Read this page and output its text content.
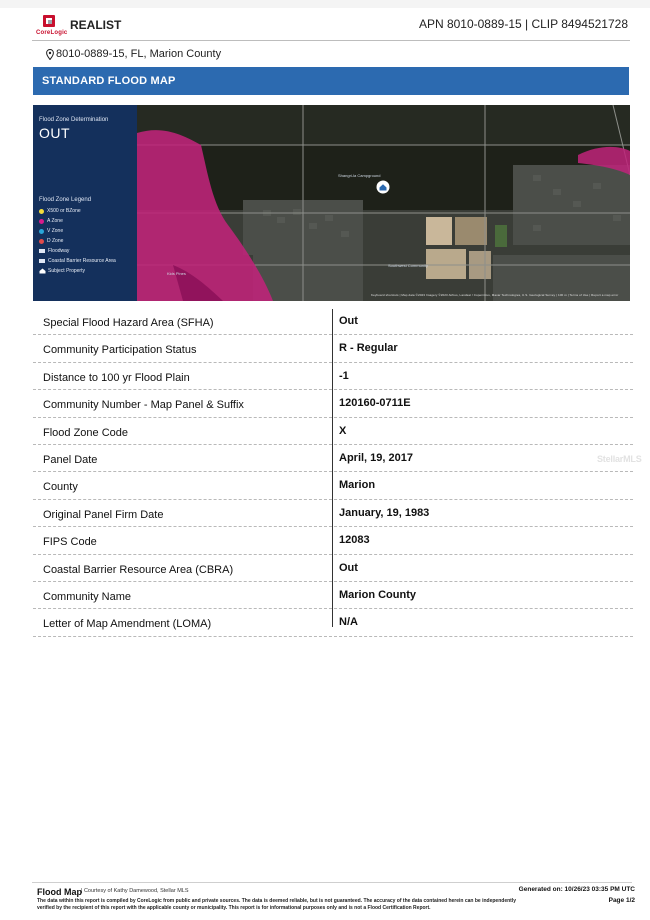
CoreLogic
REALIST	APN 8010-0889-15 | CLIP 8494521728
8010-0889-15, FL, Marion County
STANDARD FLOOD MAP
Shangri-la Campground
Southwest Community
Kids Pines
Flood Zone Determination
OUT
Flood Zone Legend
X500 or BZone
A Zone
V Zone
D Zone
Floodway
Coastal Barrier Resource Area
Subject Property
Keyboard shortcuts | Map data ©2023 Imagery ©2023 Airbus, Landsat / Copernicus, Maxar Technologies, U.S. Geological Survey | 100 m | Terms of Use | Report a map error
Special Flood Hazard Area (SFHA)	Out
Community Participation Status	R - Regular
Distance to 100 yr Flood Plain	-1
Community Number - Map Panel & Suffix	120160-0711E
Flood Zone Code	X
Panel Date	April, 19, 2017
County	Marion
Original Panel Firm Date	January, 19, 1983
FIPS Code	12083
Coastal Barrier Resource Area (CBRA)	Out
Community Name	Marion County
Letter of Map Amendment (LOMA)	N/A
StellarMLS
Flood Map | Courtesy of Kathy Damewood, Stellar MLS
The data within this report is compiled by CoreLogic from public and private sources. The data is deemed reliable, but is not guaranteed. The accuracy of the data contained herein can be independently verified by the recipient of this report with the applicable county or municipality. This report is for informational purposes only and is not a Flood Certification Report.
Generated on: 10/26/23 03:35 PM UTC
Page 1/2
